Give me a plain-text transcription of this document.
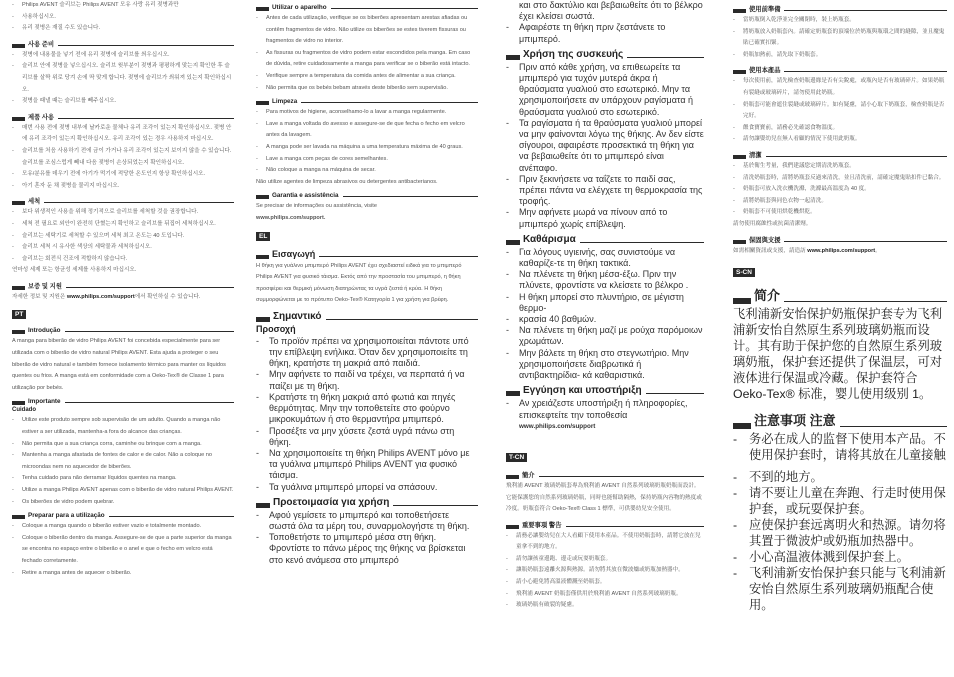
- Philips AVENT 슬리브는 Philips AVENT 모유 사랑 유리 젖병과만
- 사용하십시오.
- 유리 젖병은 재질 수도 있습니다.
사용 준비
- 젖병에 내용물을 넣기 전에 유리 젖병에 슬리브를 씌우십시오.
- 슬리브 안에 젖병을 넣으십시오. 슬리브 윗부분이 젖병과 평평하게 맞는지 확인한 후 슬리브를 살짝 위로 당겨 손에 딱 맞게 합니다. 젖병에 슬리브가 씌워져 있는지 확인하십시오.
- 젖병을 때낼 때는 슬리브를 빼주십시오.
제품 사용
- 매번 사용 전에 젖병 내부에 날카로운 물체나 유리 조각이 있는지 확인하십시오. 젖병 안에 유리 조각이 있는지 확인하십시오. 유리 조각이 있는 경우 사용하지 마십시오.
- 슬리브를 처음 사용하기 전에 금이 가거나 유리 조각이 있는지 보이지 않을 수 있습니다. 슬리브를 조심스럽게 빼내 다음 젖병이 손상되었는지 확인하십시오.
- 모유/분유를 데우기 전에 아기가 먹기에 적당한 온도인지 항상 확인하십시오.
- 아기 혼자 둔 채 젖병을 물리지 마십시오.
세척
- 보다 위생적인 사용을 위해 정기적으로 슬리브를 세척할 것을 권장합니다.
- 세척 전 필요로 외안이 완전히 단혔는지 확인하고 슬리브를 뒤집어 세척하십시오.
- 슬리브는 세탁기로 세척할 수 있으며 세척 최고 온도는 40 도입니다.
- 슬리브 세척 시 유사한 색상의 세탁물과 세척하십시오.
- 슬리브는 회전식 건조에 적합하지 않습니다.

연마성 세제 또는 항균성 세제를 사용하지 마십시오.

보증 및 지원

자세한 정보 및 지원은 www.philips.com/support에서 확인하실 수 있습니다.

PT
Introdução

A manga para biberão de vidro Philips AVENT foi concebida especialmente para ser utilizada com o biberão de vidro natural Philips AVENT. Esta ajuda a proteger o seu biberão de vidro natural e também fornece isolamento térmico para manter os líquidos quentes ou frios. A manga está em conformidade com a Oeko-Tex® de Classe 1 para utilização por bebés.

Importante
Cuidado
- Utilize este produto sempre sob supervisão de um adulto. Quando a manga não estiver a ser utilizada, mantenha-a fora do alcance das crianças.
- Não permita que a sua criança corra, caminhe ou brinque com a manga.
- Mantenha a manga afastada de fontes de calor e de calor. Não a coloque no microondas nem no aquecedor de biberões.
- Tenha cuidado para não derramar líquidos quentes na manga.
- Utilize a manga Philips AVENT apenas com o biberão de vidro natural Philips AVENT.
- Os biberões de vidro podem quebrar.
Preparar para a utilização
- Coloque a manga quando o biberão estiver vazio e totalmente montado.
- Coloque o biberão dentro da manga. Assegure-se de que a parte superior da manga se encontra no espaço entre o biberão e o anel e que o fecho em velcro está fechado corretamente.
- Retire a manga antes de aquecer o biberão.
Utilizar o aparelho
- Antes de cada utilização, verifique se os biberões apresentam arestas afiadas ou contêm fragmentos de vidro. Não utilize os biberões se estes tiverem fissuras ou fragmentos de vidro no interior.
- As fissuras ou fragmentos de vidro podem estar escondidos pela manga. Em caso de dúvida, retire cuidadosamente a manga para verificar se o biberão está intacto.
- Verifique sempre a temperatura da comida antes de alimentar a sua criança.
- Não permita que os bebés bebam através deste biberão sem supervisão.
Limpeza
- Para motivos de higiene, aconselhamo-lo a lavar a manga regularmente.
- Lave a manga voltada do avesso e assegure-se de que fecha o fecho em velcro antes da lavagem.
- A manga pode ser lavada na máquina a uma temperatura máxima de 40 graus.
- Lave a manga com peças de cores semelhantes.
- Não coloque a manga na máquina de secar.

Não utilize agentes de limpeza abrasivos ou detergentes antibacterianos.

Garantia e assistência

Se precisar de informações ou assistência, visite

www.philips.com/support.

EL
Εισαγωγή

Η θήκη για γυάλινο μπιμπερό Philips AVENT έχει σχεδιαστεί ειδικά για το μπιμπερό Philips AVENT για φυσικό τάισμα. Εκτός από την προστασία του μπιμπερό, η θήκη προσφέρει και θερμική μόνωση διατηρώντας τα υγρά ζεστά ή κρύα. Η θήκη συμμορφώνεται με το πρότυπο Oeko-Tex® Κατηγορία 1 για χρήση για βρέφη.

Σημαντικό
Προσοχή
- Το προϊόν πρέπει να χρησιμοποιείται πάντοτε υπό την επίβλεψη ενήλικα. Όταν δεν χρησιμοποιείτε τη θήκη, κρατήστε τη μακριά από παιδιά.
- Μην αφήνετε το παιδί να τρέχει, να περπατά ή να παίζει με τη θήκη.
- Κρατήστε τη θήκη μακριά από φωτιά και πηγές θερμότητας. Μην την τοποθετείτε στο φούρνο μικροκυμάτων ή στο θερμαντήρα μπιμπερό.
- Προσέξτε να μην χύσετε ζεστά υγρά πάνω στη θήκη.
- Να χρησιμοποιείτε τη θήκη Philips AVENT μόνο με τα γυάλινα μπιμπερό Philips AVENT για φυσικό τάισμα.
- Τα γυάλινα μπιμπερό μπορεί να σπάσουν.
Προετοιμασία για χρήση
- Αφού γεμίσετε το μπιμπερό και τοποθετήσετε σωστά όλα τα μέρη του, συναρμολογήστε τη θήκη.
- Τοποθετήστε το μπιμπερό μέσα στη θήκη. Φροντίστε το πάνω μέρος της θήκης να βρίσκεται στο κενό ανάμεσα στο μπιμπερό

και στο δακτύλιο και βεβαιωθείτε ότι το βέλκρο έχει κλείσει σωστά.

- Αφαιρέστε τη θήκη πριν ζεστάνετε το μπιμπερό.
Χρήση της συσκευής
- Πριν από κάθε χρήση, να επιθεωρείτε τα μπιμπερό για τυχόν μυτερά άκρα ή θραύσματα γυαλιού στο εσωτερικό. Μην τα χρησιμοποιήσετε αν υπάρχουν ραγίσματα ή θραύσματα γυαλιού στο εσωτερικό.
- Τα ραγίσματα ή τα θραύσματα γυαλιού μπορεί να μην φαίνονται λόγω της θήκης. Αν δεν είστε σίγουροι, αφαιρέστε προσεκτικά τη θήκη για να βεβαιωθείτε ότι το μπιμπερό είναι ανέπαφο.
- Πριν ξεκινήσετε να ταΐζετε το παιδί σας, πρέπει πάντα να ελέγχετε τη θερμοκρασία της τροφής.
- Μην αφήνετε μωρά να πίνουν από το μπιμπερό χωρίς επίβλεψη.
Καθάρισμα
- Για λόγους υγιεινής, σας συνιστούμε να καθαρίζε-τε τη θήκη τακτικά.
- Να πλένετε τη θήκη μέσα-έξω. Πριν την πλύνετε, φροντίστε να κλείσετε το βέλκρο .
- Η θήκη μπορεί στο πλυντήριο, σε μέγιστη θερμο-
- κρασία 40 βαθμών.
- Να πλένετε τη θήκη μαζί με ρούχα παρόμοιων χρωμάτων.
- Μην βάλετε τη θήκη στο στεγνωτήριο. Μην χρησιμοποιήσετε διαβρωτικά ή αντιβακτηρίδια- κά καθαριστικά.
Εγγύηση και υποστήριξη
- Αν χρειάζεστε υποστήριξη ή πληροφορίες, επισκεφτείτε την τοποθεσία

www.philips.com/support

T-CN
簡介

飛利浦 AVENT 玻璃奶瓶套專為飛利浦 AVENT 自然系列玻璃奶瓶奶瓶而設計。它能保護您的自然系列玻璃奶瓶，同時也能幫助隔熱，保持奶瓶內容物的熱度或冷度。奶瓶套符合 Oeko-Tex® Class 1 標準，可供嬰幼兒安全使用。

重要事項 警告
- 請務必讓嬰幼兒在大人看顧下使用本產品。不使用奶瓶套時，請將它放在兒童拿不到的地方。
- 請勿讓孩童邊跑、邊走或玩耍奶瓶套。
- 讓瓶奶瓶套遠離火源與熱源。請勿將其放在微波爐或奶瓶加熱器中。
- 請小心避免將高溫液體濺至奶瓶套。
- 飛利浦 AVENT 奶瓶套僅供用於飛利浦 AVENT 自然系列玻璃奶瓶。
- 玻璃奶瓶有破裂的疑慮。
使用前準備
- 當奶瓶倒入乾淨並完全關閉時，裝上奶瓶套。
- 將奶瓶放入奶瓶套內。請確定奶瓶套的頂端位於奶瓶與瓶環之間的縫隙，並且魔鬼貼已確實扣緊。
- 奶瓶加熱前，請先取下奶瓶套。
使用本產品
- 每次使用前，請先檢查奶瓶邊緣是否有尖銳處，或瓶內是否有玻璃碎片。如果奶瓶有裂縫或玻璃碎片，請勿使用此奶瓶。
- 奶瓶套可能會遮住裂縫或玻璃碎片。如有疑慮，請小心取下奶瓶套，檢查奶瓶是否完好。
- 餵食寶寶前，請務必先確認食物溫度。
- 請勿讓嬰幼兒在無人看顧的情況下使用此奶瓶。
清潔
- 基於衛生考量，我們建議您定期清洗奶瓶套。
- 清洗奶瓶套時，請將奶瓶套反過來清洗，並且清洗前，請確定魔鬼貼扣件已黏合。
- 奶瓶套可放入洗衣機洗滌，洗滌最高溫度為 40 度。
- 請將奶瓶套與同色衣物一起清洗。
- 奶瓶套不可使用烘乾機烘乾。

請勿使用腐蝕性或抗菌清潔劑。

保固與支援

如需相關資訊或支援，請造訪 www.philips.com/support。

S-CN
简介

飞利浦新安怡保护奶瓶保护套专为飞利浦新安怡自然原生系列玻璃奶瓶而设计。其有助于保护您的自然原生系列玻璃奶瓶，保护套还提供了保温层，可对液体进行保温或冷藏。保护套符合 Oeko-Tex® 标准，婴儿使用级别 1。

注意事项 注意
- 务必在成人的监督下使用本产品。不使用保护套时，请将其放在儿童接触
- 不到的地方。
- 请不要让儿童在奔跑、行走时使用保护套，或玩耍保护套。
- 应使保护套远离明火和热源。请勿将其置于微波炉或奶瓶加热器中。
- 小心高温液体溅到保护套上。
- 飞利浦新安怡保护套只能与飞利浦新安怡自然原生系列玻璃奶瓶配合使用。
